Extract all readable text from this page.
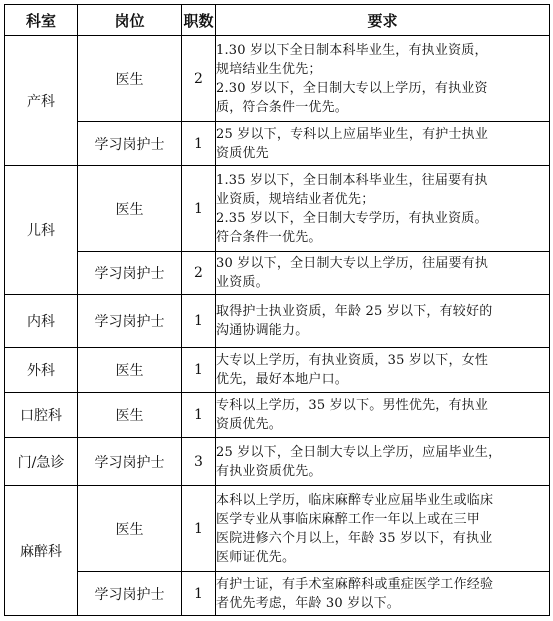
科室	岗位	职数	要求
产科	医生	2	1.30 岁以下全日制本科毕业生，有执业资质，
规培结业生优先；
2.30 岁以下，全日制大专以上学历，有执业资
质，符合条件一优先。

	学习岗护士	1	25 岁以下，专科以上应届毕业生，有护士执业
资质优先

儿科	医生	1	1.35 岁以下，全日制本科毕业生，往届要有执
业资质，规培结业者优先；
2.35 岁以下，全日制大专学历，有执业资质。
符合条件一优先。

	学习岗护士	2	30 岁以下，全日制大专以上学历，往届要有执
业资质。

内科	学习岗护士	1	取得护士执业资质，年龄 25 岁以下，有较好的
沟通协调能力。

外科	医生	1	大专以上学历，有执业资质，35 岁以下，女性
优先，最好本地户口。

口腔科	医生	1	专科以上学历，35 岁以下。男性优先，有执业
资质优先。

门/急诊	学习岗护士	3	25 岁以下，全日制大专以上学历，应届毕业生，
有执业资质优先。

麻醉科	医生	1	本科以上学历，临床麻醉专业应届毕业生或临床
医学专业从事临床麻醉工作一年以上或在三甲
医院进修六个月以上，年龄 35 岁以下，有执业
医师证优先。

	学习岗护士	1	有护士证，有手术室麻醉科或重症医学工作经验
者优先考虑，年龄 30 岁以下。
